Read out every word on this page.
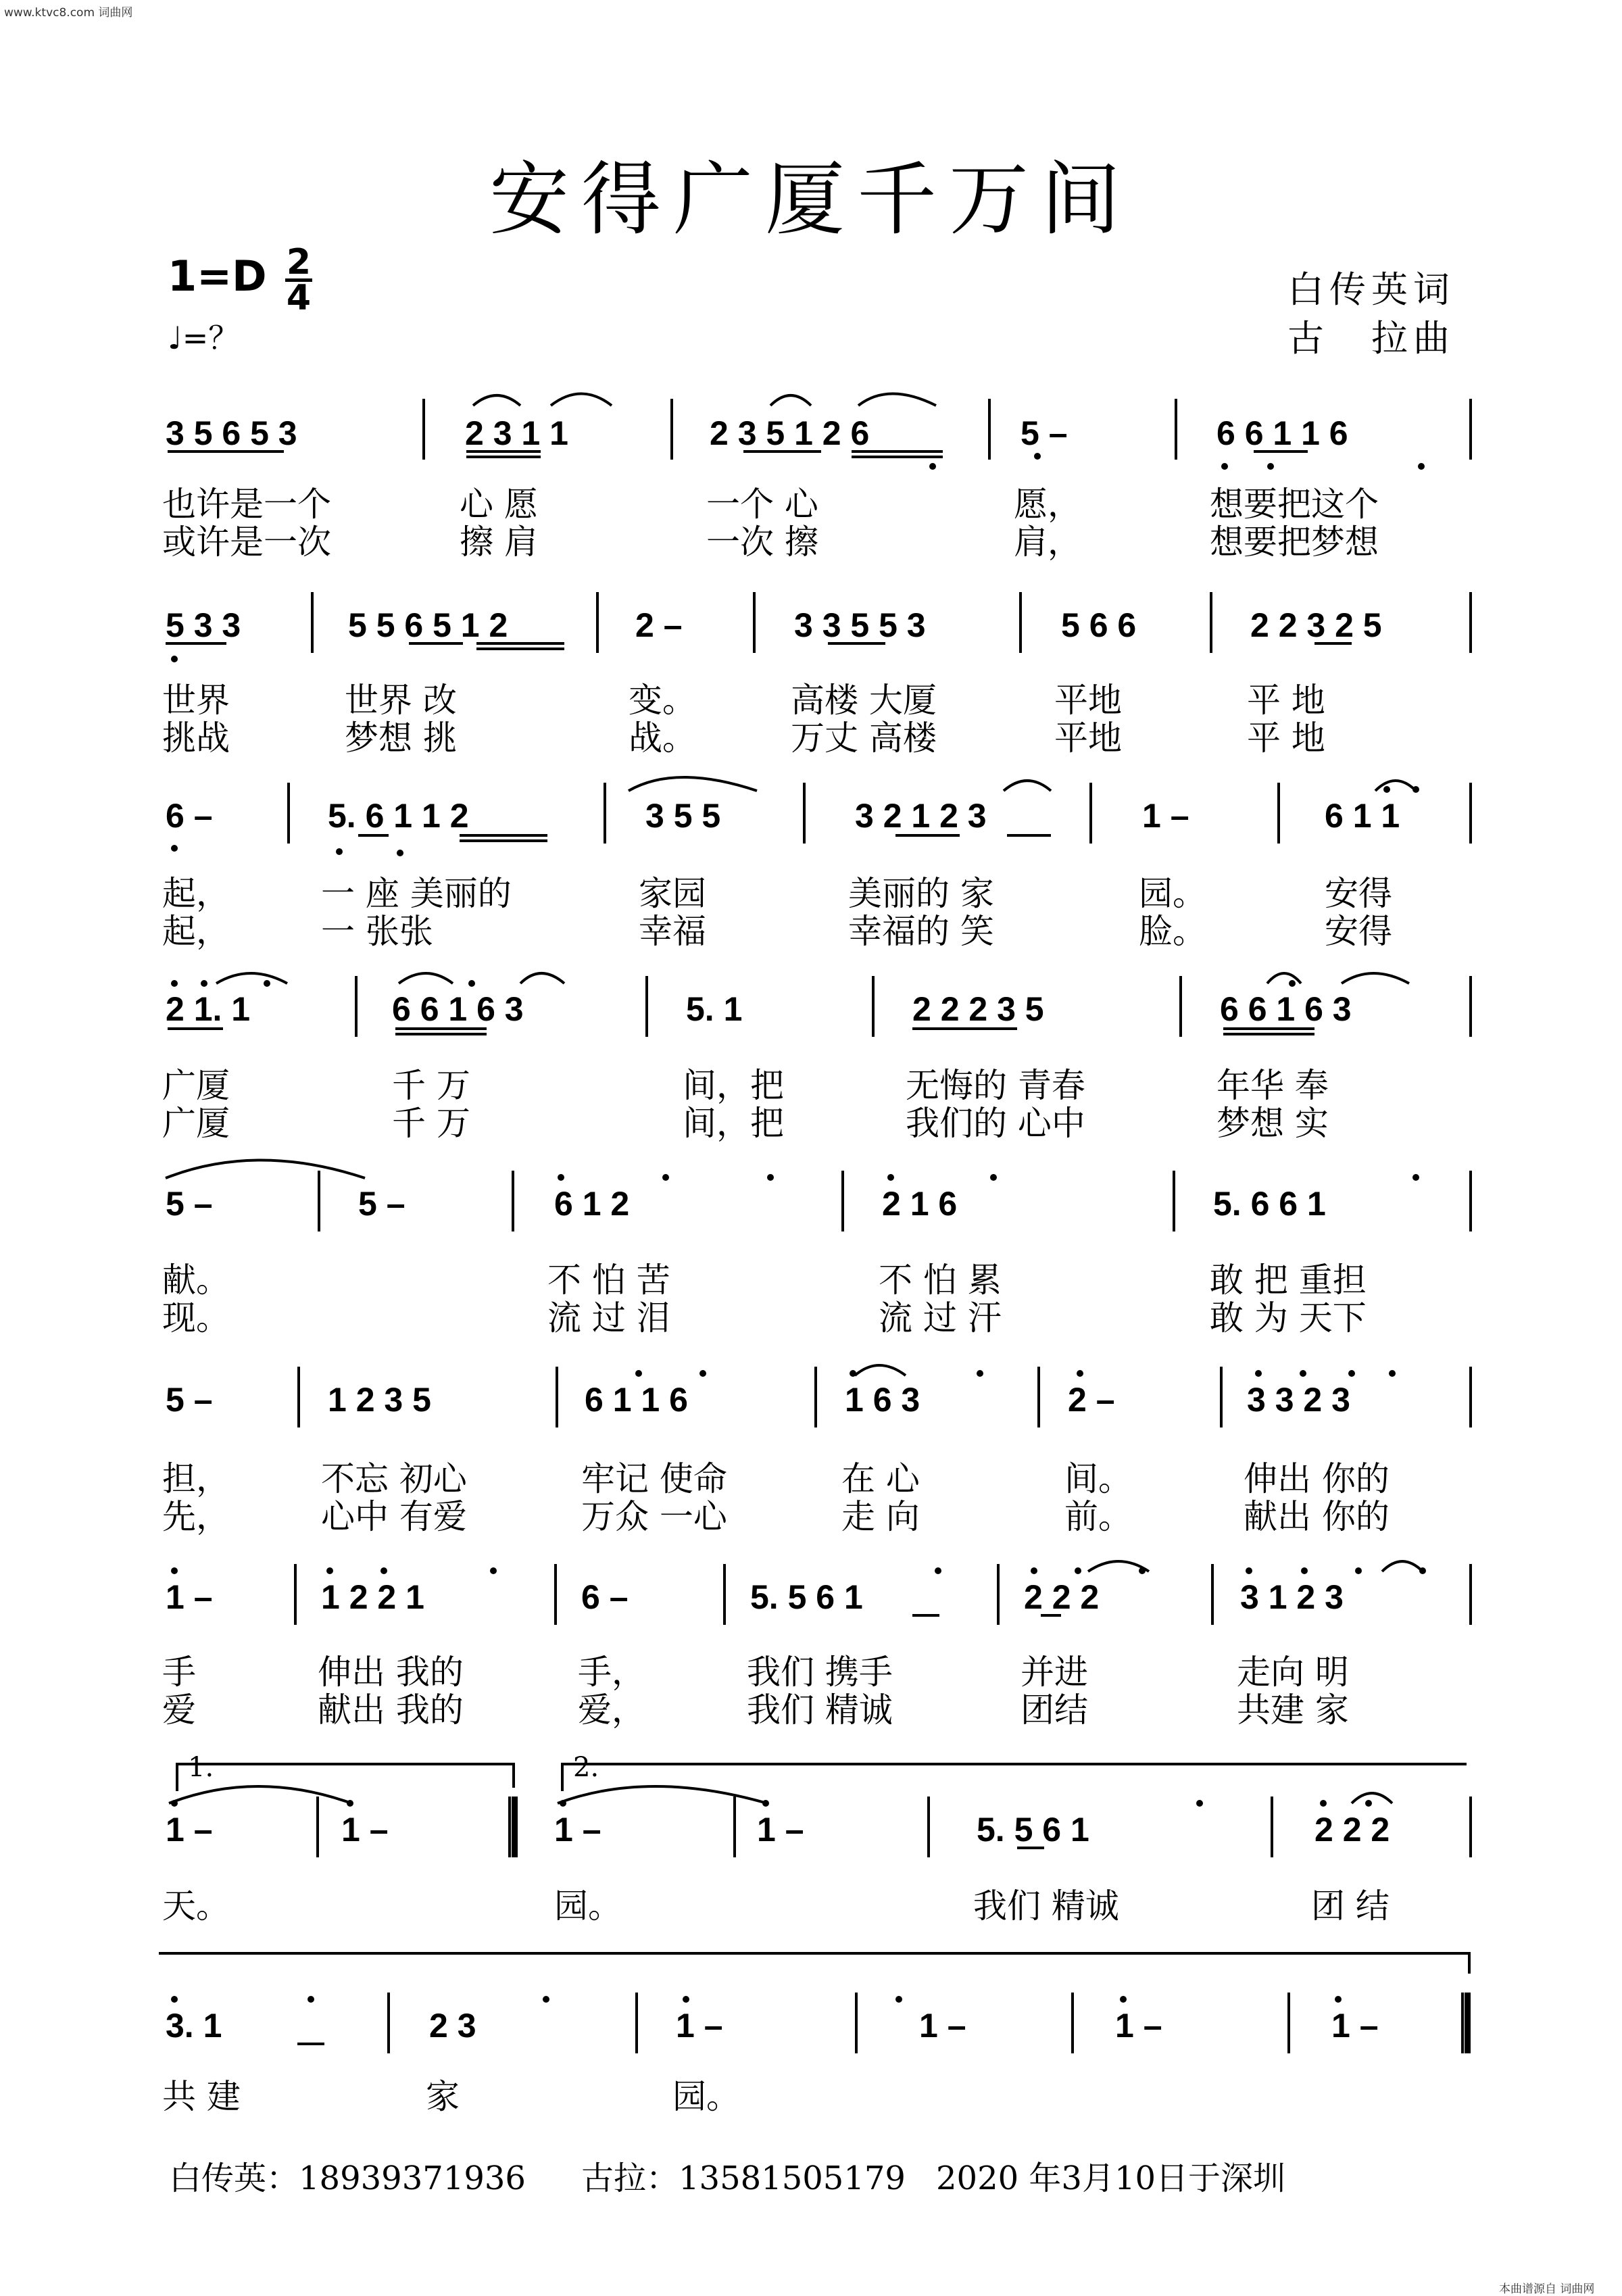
www.ktvc8.com 词曲网
本曲谱源自 词曲网
安得广厦千万间
1=D 2
4
♩=？
白传英词
古　拉曲
3 5 6 5 3	2 3 1 1	2 3 5 1 2 6	5 –	6 6 1 1 6
也许是一个	心 愿	一个 心	愿，	想要把这个
或许是一次	擦 肩	一次 擦	肩，	想要把梦想
5 3 3	5 5 6 5 1 2	2 –	3 3 5 5 3	5 6 6	2 2 3 2 5
世界	世界 改	变。	高楼 大厦	平地	平 地
挑战	梦想 挑	战。	万丈 高楼	平地	平 地
6 –	5. 6 1 1 2	3 5 5	3 2 1 2 3	1 –	6 1 1
起，	一 座 美丽的	家园	美丽的 家	园。	安得
起，	一 张张	幸福	幸福的 笑	脸。	安得
2 1. 1	6 6 1 6 3	5. 1	2 2 2 3 5	6 6 1 6 3
广厦	千 万	间，把	无悔的 青春	年华 奉
广厦	千 万	间，把	我们的 心中	梦想 实
5 –	5 –	6 1 2	2 1 6	5. 6 6 1
献。	不 怕 苦	不 怕 累	敢 把 重担
现。	流 过 泪	流 过 汗	敢 为 天下
5 –	1 2 3 5	6 1 1 6	1 6 3	2 –	3 3 2 3
担，	不忘 初心	牢记 使命	在 心	间。	伸出 你的
先，	心中 有爱	万众 一心	走 向	前。	献出 你的
1 –	1 2 2 1	6 –	5. 5 6 1	2 2 2	3 1 2 3
手	伸出 我的	手，	我们 携手	并进	走向 明
爱	献出 我的	爱，	我们 精诚	团结	共建 家
1.	2.
1 –	1 –	1 –	1 –	5. 5 6 1	2 2 2
天。	园。	我们 精诚	团 结
3. 1	2 3	1 –	1 –	1 –	1 –
共 建	家	园。
白传英：18939371936 古拉：13581505179 2020 年3月10日于深圳
